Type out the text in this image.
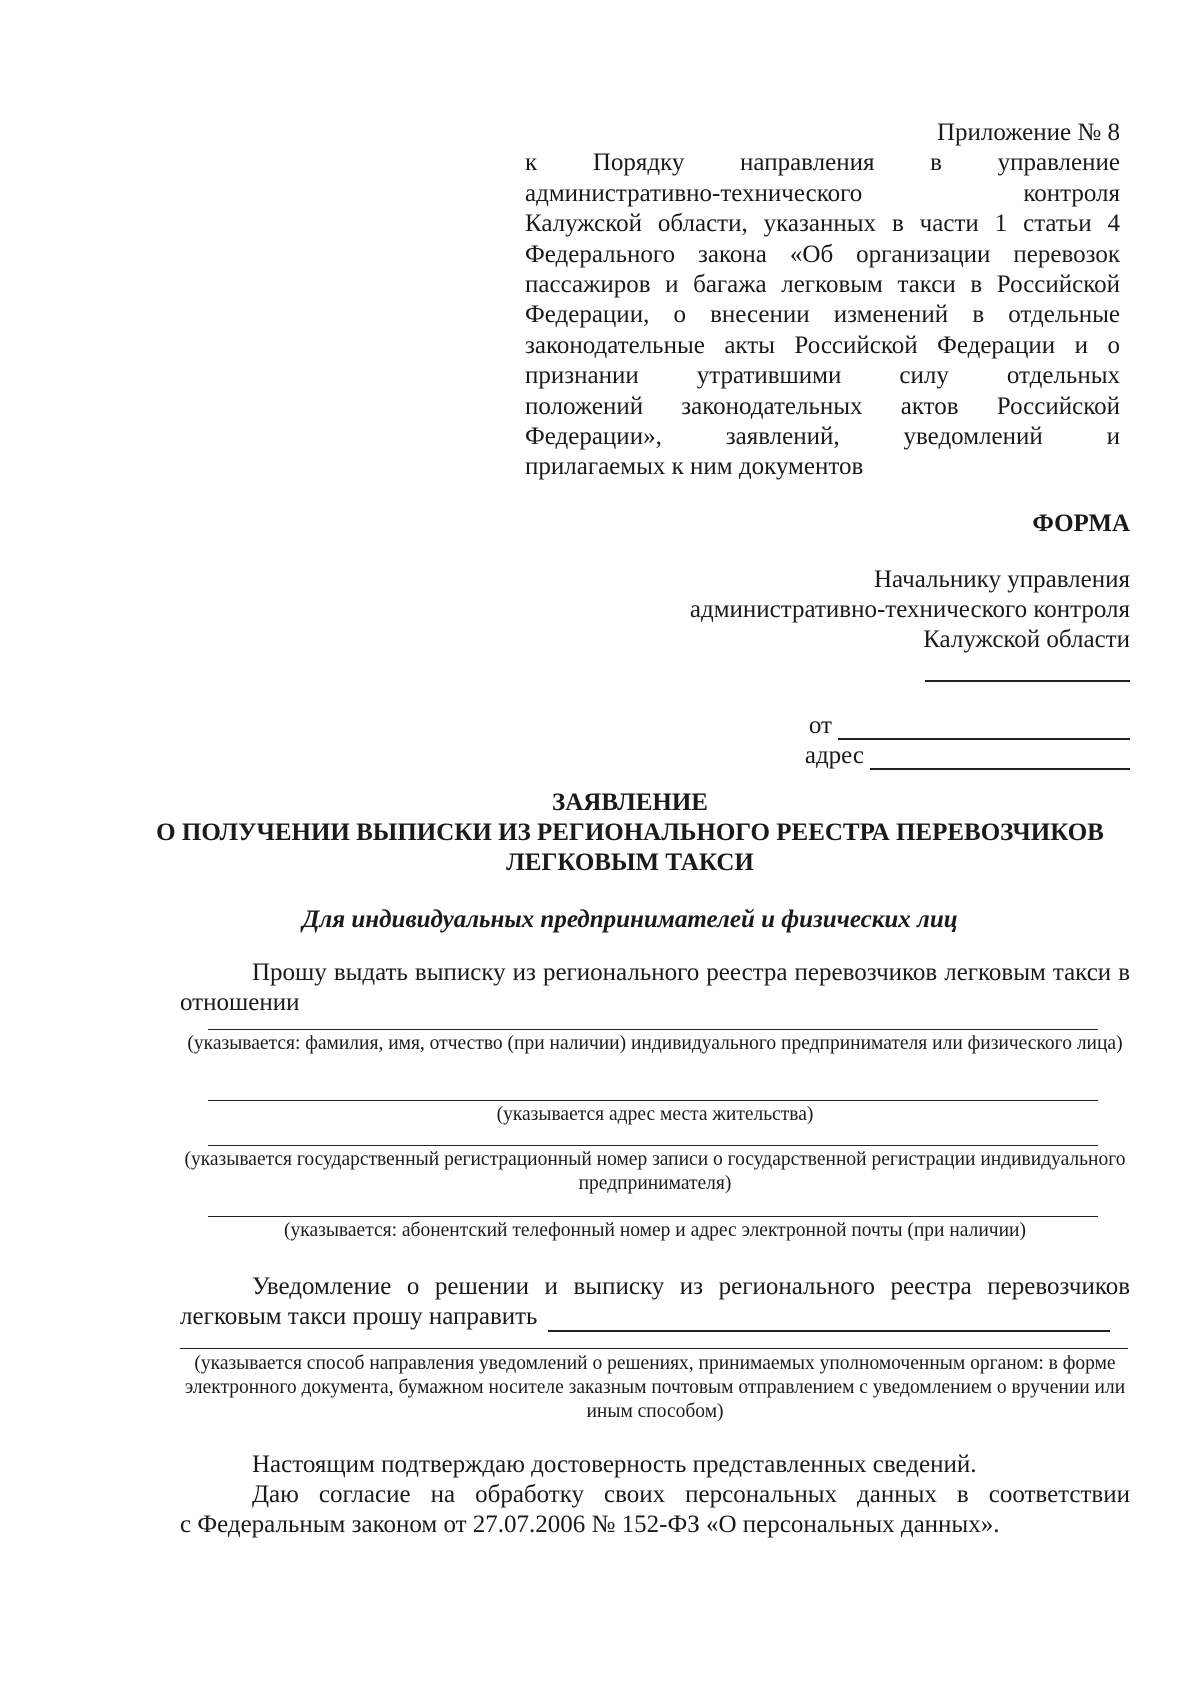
Приложение № 8
к Порядку направления в управление
административно-технического контроля
Калужской области, указанных в части 1 статьи 4
Федерального закона «Об организации перевозок
пассажиров и багажа легковым такси в Российской
Федерации, о внесении изменений в отдельные
законодательные акты Российской Федерации и о
признании утратившими силу отдельных
положений законодательных актов Российской
Федерации», заявлений, уведомлений и
прилагаемых к ним документов
ФОРМА
Начальнику управления
административно-технического контроля
Калужской области
от
адрес
ЗАЯВЛЕНИЕ
О ПОЛУЧЕНИИ ВЫПИСКИ ИЗ РЕГИОНАЛЬНОГО РЕЕСТРА ПЕРЕВОЗЧИКОВ
ЛЕГКОВЫМ ТАКСИ
Для индивидуальных предпринимателей и физических лиц
Прошу выдать выписку из регионального реестра перевозчиков легковым такси в
отношении
(указывается: фамилия, имя, отчество (при наличии) индивидуального предпринимателя или физического лица)
(указывается адрес места жительства)
(указывается государственный регистрационный номер записи о государственной регистрации индивидуального предпринимателя)
(указывается: абонентский телефонный номер и адрес электронной почты (при наличии)
Уведомление о решении и выписку из регионального реестра перевозчиков
легковым такси прошу направить
(указывается способ направления уведомлений о решениях, принимаемых уполномоченным органом: в форме электронного документа, бумажном носителе заказным почтовым отправлением с уведомлением о вручении или иным способом)
Настоящим подтверждаю достоверность представленных сведений.
Даю согласие на обработку своих персональных данных в соответствии
с Федеральным законом от 27.07.2006 № 152-ФЗ «О персональных данных».
